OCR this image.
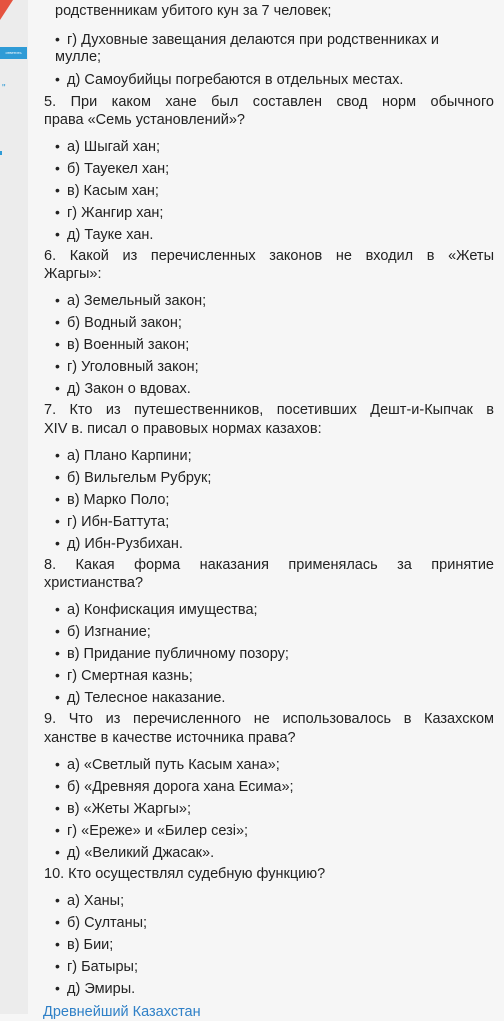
ответить
"
родственникам убитого кун за 7 человек;
• г) Духовные завещания делаются при родственниках и
мулле;
• д) Самоубийцы погребаются в отдельных местах.
5. При каком хане был составлен свод норм обычного
права «Семь установлений»?
• а) Шыгай хан;
• б) Тауекел хан;
• в) Касым хан;
• г) Жангир хан;
• д) Тауке хан.
6. Какой из перечисленных законов не входил в «Жеты
Жаргы»:
• а) Земельный закон;
• б) Водный закон;
• в) Военный закон;
• г) Уголовный закон;
• д) Закон о вдовах.
7. Кто из путешественников, посетивших Дешт-и-Кыпчак в
XIV в. писал о правовых нормах казахов:
• а) Плано Карпини;
• б) Вильгельм Рубрук;
• в) Марко Поло;
• г) Ибн-Баттута;
• д) Ибн-Рузбихан.
8. Какая форма наказания применялась за принятие
христианства?
• а) Конфискация имущества;
• б) Изгнание;
• в) Придание публичному позору;
• г) Смертная казнь;
• д) Телесное наказание.
9. Что из перечисленного не использовалось в Казахском
ханстве в качестве источника права?
• а) «Светлый путь Касым хана»;
• б) «Древняя дорога хана Есима»;
• в) «Жеты Жаргы»;
• г) «Ереже» и «Билер сезі»;
• д) «Великий Джасак».
10. Кто осуществлял судебную функцию?
• а) Ханы;
• б) Султаны;
• в) Бии;
• г) Батыры;
• д) Эмиры.
Древнейший Казахстан
